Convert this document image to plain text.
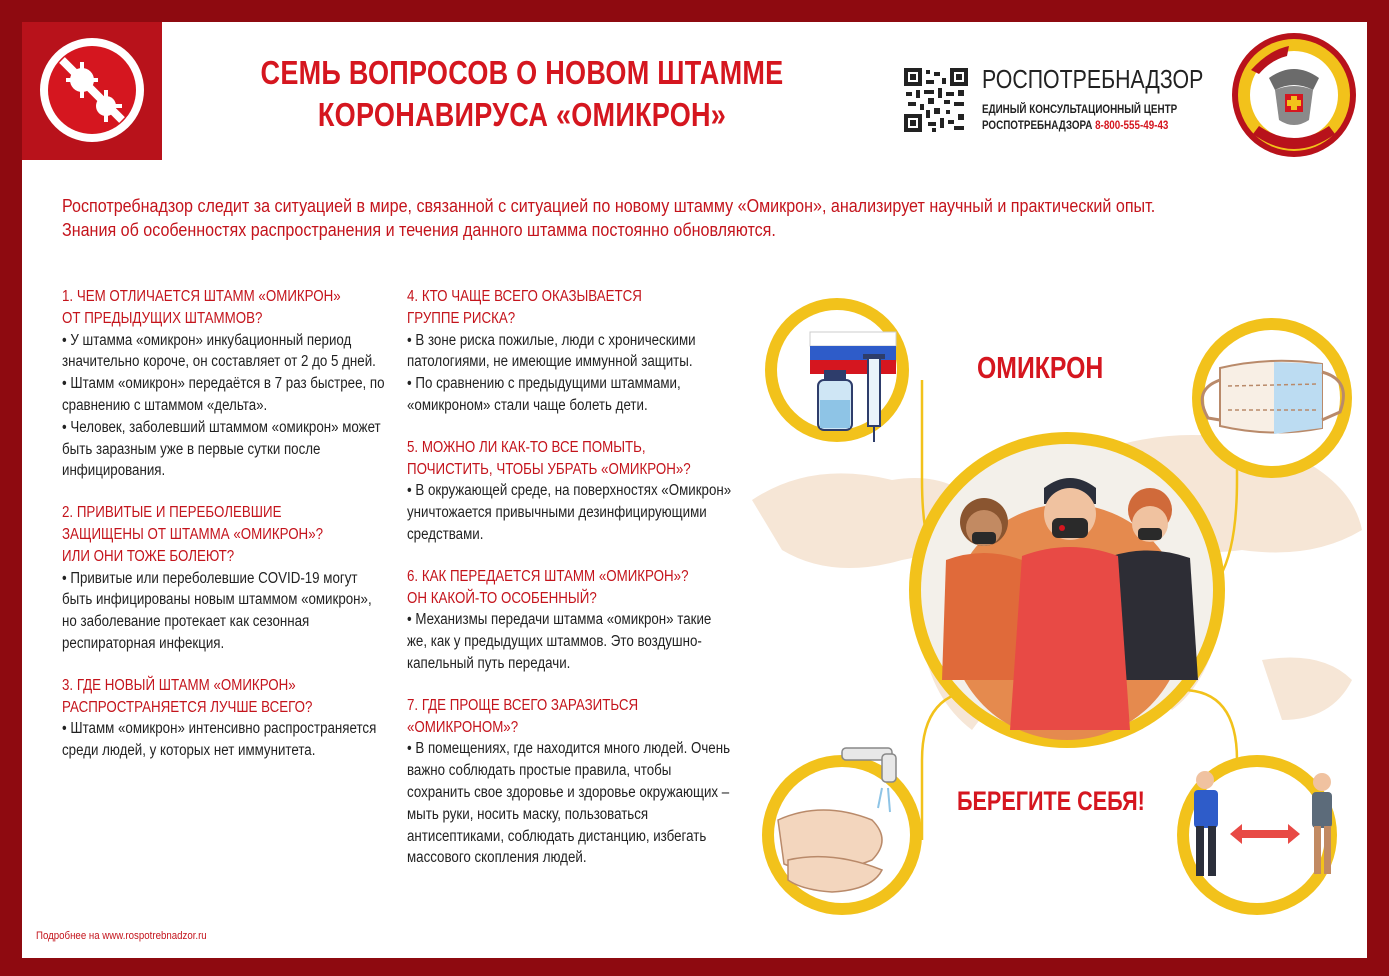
СЕМЬ ВОПРОСОВ О НОВОМ ШТАММЕ
КОРОНАВИРУСА «ОМИКРОН»
РОСПОТРЕБНАДЗОР
ЕДИНЫЙ КОНСУЛЬТАЦИОННЫЙ ЦЕНТР
РОСПОТРЕБНАДЗОРА 8-800-555-49-43

Роспотребнадзор следит за ситуацией в мире, связанной с ситуацией по новому штамму «Омикрон», анализирует научный и практический опыт.

Знания об особенностях распространения и течения данного штамма постоянно обновляются.

1. ЧЕМ ОТЛИЧАЕТСЯ ШТАММ «ОМИКРОН»
ОТ ПРЕДЫДУЩИХ ШТАММОВ?

• У штамма «омикрон» инкубационный период значительно короче, он составляет от 2 до 5 дней.

• Штамм «омикрон» передаётся в 7 раз быстрее, по сравнению с штаммом «дельта».

• Человек, заболевший штаммом «омикрон» может быть заразным уже в первые сутки после инфицирования.

2. ПРИВИТЫЕ И ПЕРЕБОЛЕВШИЕ
ЗАЩИЩЕНЫ ОТ ШТАММА «ОМИКРОН»?
ИЛИ ОНИ ТОЖЕ БОЛЕЮТ?

• Привитые или переболевшие COVID-19 могут быть инфицированы новым штаммом «омикрон», но заболевание протекает как сезонная респираторная инфекция.

3. ГДЕ НОВЫЙ ШТАММ «ОМИКРОН»
РАСПРОСТРАНЯЕТСЯ ЛУЧШЕ ВСЕГО?

• Штамм «омикрон» интенсивно распространяется среди людей, у которых нет иммунитета.

4. КТО ЧАЩЕ ВСЕГО ОКАЗЫВАЕТСЯ
ГРУППЕ РИСКА?

• В зоне риска пожилые, люди с хроническими патологиями, не имеющие иммунной защиты.

• По сравнению с предыдущими штаммами, «омикроном» стали чаще болеть дети.

5. МОЖНО ЛИ КАК-ТО ВСЕ ПОМЫТЬ,
ПОЧИСТИТЬ, ЧТОБЫ УБРАТЬ «ОМИКРОН»?

• В окружающей среде, на поверхностях «Омикрон» уничтожается привычными дезинфицирующими средствами.

6. КАК ПЕРЕДАЕТСЯ ШТАММ «ОМИКРОН»?
ОН КАКОЙ-ТО ОСОБЕННЫЙ?

• Механизмы передачи штамма «омикрон» такие же, как у предыдущих штаммов. Это воздушно-капельный путь передачи.

7. ГДЕ ПРОЩЕ ВСЕГО ЗАРАЗИТЬСЯ
«ОМИКРОНОМ»?

• В помещениях, где находится много людей. Очень важно соблюдать простые правила, чтобы сохранить свое здоровье и здоровье окружающих – мыть руки, носить маску, пользоваться антисептиками, соблюдать дистанцию, избегать массового скопления людей.

ОМИКРОН
БЕРЕГИТЕ СЕБЯ!
Подробнее на www.rospotrebnadzor.ru
